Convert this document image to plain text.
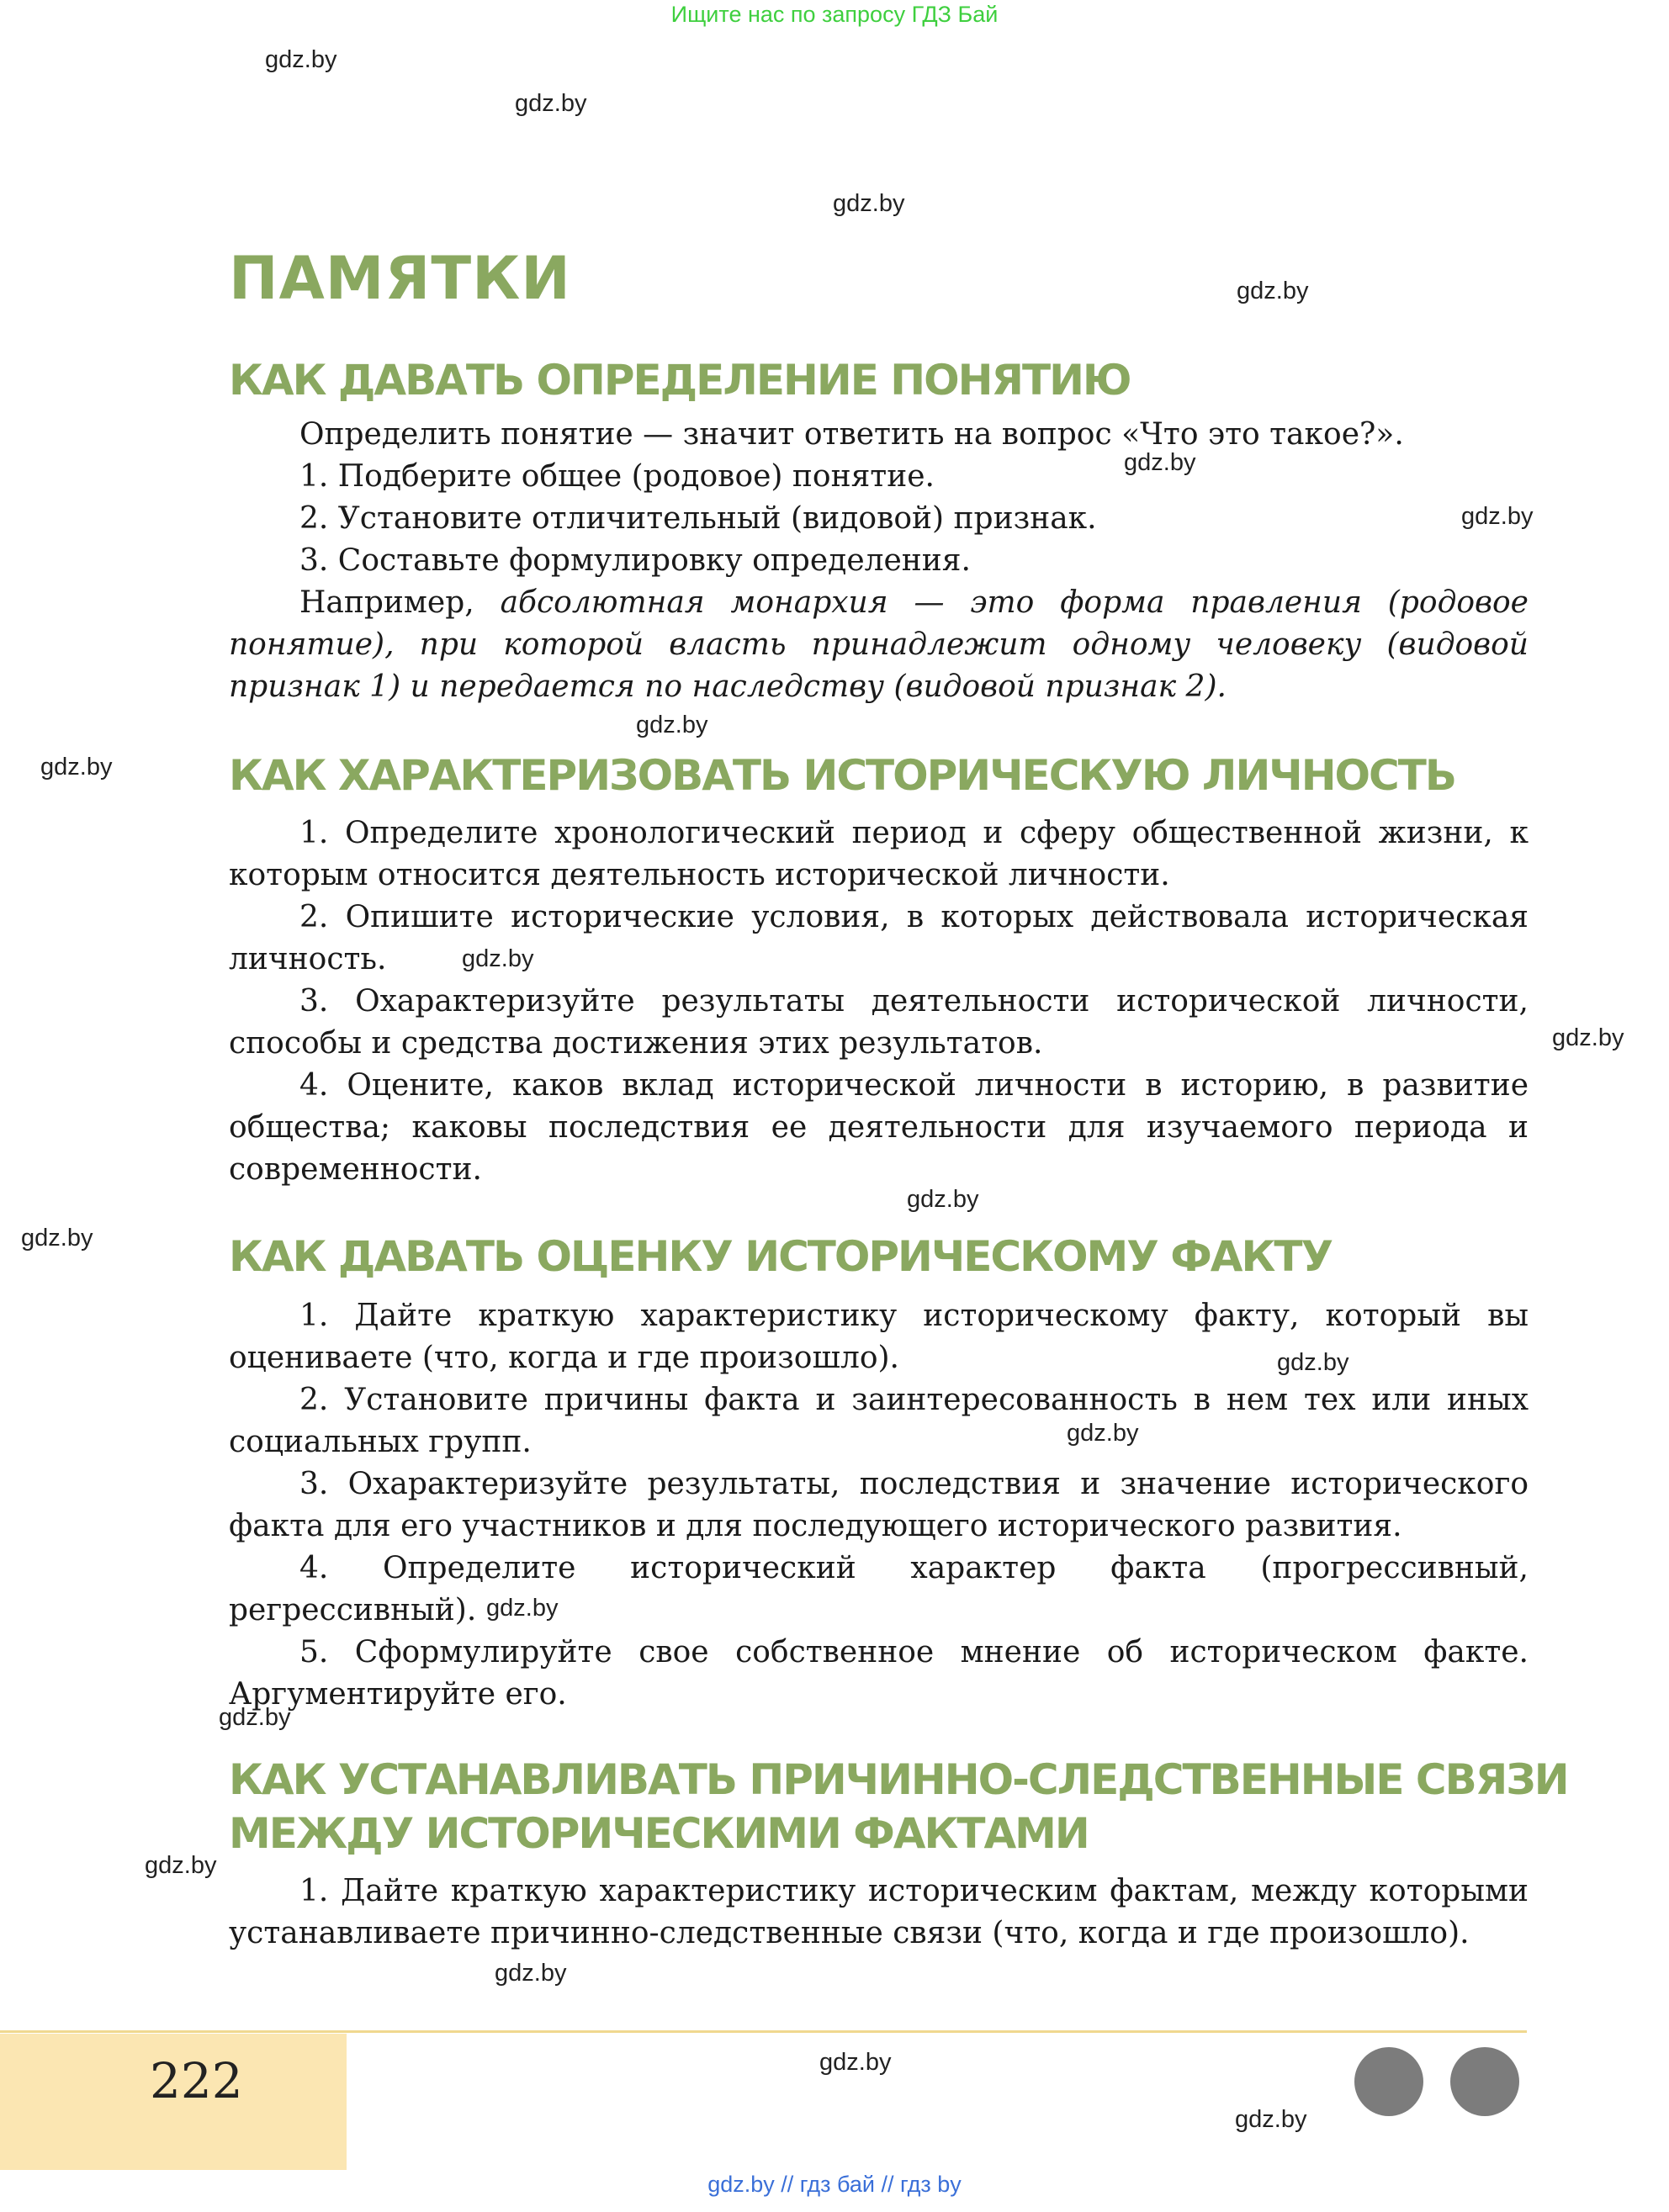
Ищите нас по запросу ГДЗ Бай
gdz.by
gdz.by
gdz.by
gdz.by
gdz.by
gdz.by
gdz.by
gdz.by
gdz.by
gdz.by
gdz.by
gdz.by
gdz.by
gdz.by
gdz.by
gdz.by
gdz.by
gdz.by
gdz.by
gdz.by
ПАМЯТКИ
КАК ДАВАТЬ ОПРЕДЕЛЕНИЕ ПОНЯТИЮ

Определить понятие — значит ответить на вопрос «Что это такое?».

1. Подберите общее (родовое) понятие.

2. Установите отличительный (видовой) признак.

3. Составьте формулировку определения.

Например, абсолютная монархия — это форма правления (родовое понятие), при которой власть принадлежит одному человеку (видовой признак 1) и передается по наследству (видовой признак 2).

КАК ХАРАКТЕРИЗОВАТЬ ИСТОРИЧЕСКУЮ ЛИЧНОСТЬ

1. Определите хронологический период и сферу общественной жизни, к которым относится деятельность исторической личности.

2. Опишите исторические условия, в которых действовала историческая личность.

3. Охарактеризуйте результаты деятельности исторической личности, способы и средства достижения этих результатов.

4. Оцените, каков вклад исторической личности в историю, в развитие общества; каковы последствия ее деятельности для изучаемого периода и современности.

КАК ДАВАТЬ ОЦЕНКУ ИСТОРИЧЕСКОМУ ФАКТУ

1. Дайте краткую характеристику историческому факту, который вы оцениваете (что, когда и где произошло).

2. Установите причины факта и заинтересованность в нем тех или иных социальных групп.

3. Охарактеризуйте результаты, последствия и значение исторического факта для его участников и для последующего исторического развития.

4. Определите исторический характер факта (прогрессивный, регрессивный).

5. Сформулируйте свое собственное мнение об историческом факте. Аргументируйте его.

КАК УСТАНАВЛИВАТЬ ПРИЧИННО-СЛЕДСТВЕННЫЕ СВЯЗИ
МЕЖДУ ИСТОРИЧЕСКИМИ ФАКТАМИ

1. Дайте краткую характеристику историческим фактам, между которыми устанавливаете причинно-следственные связи (что, когда и где произошло).

222
gdz.by // гдз бай // гдз by
